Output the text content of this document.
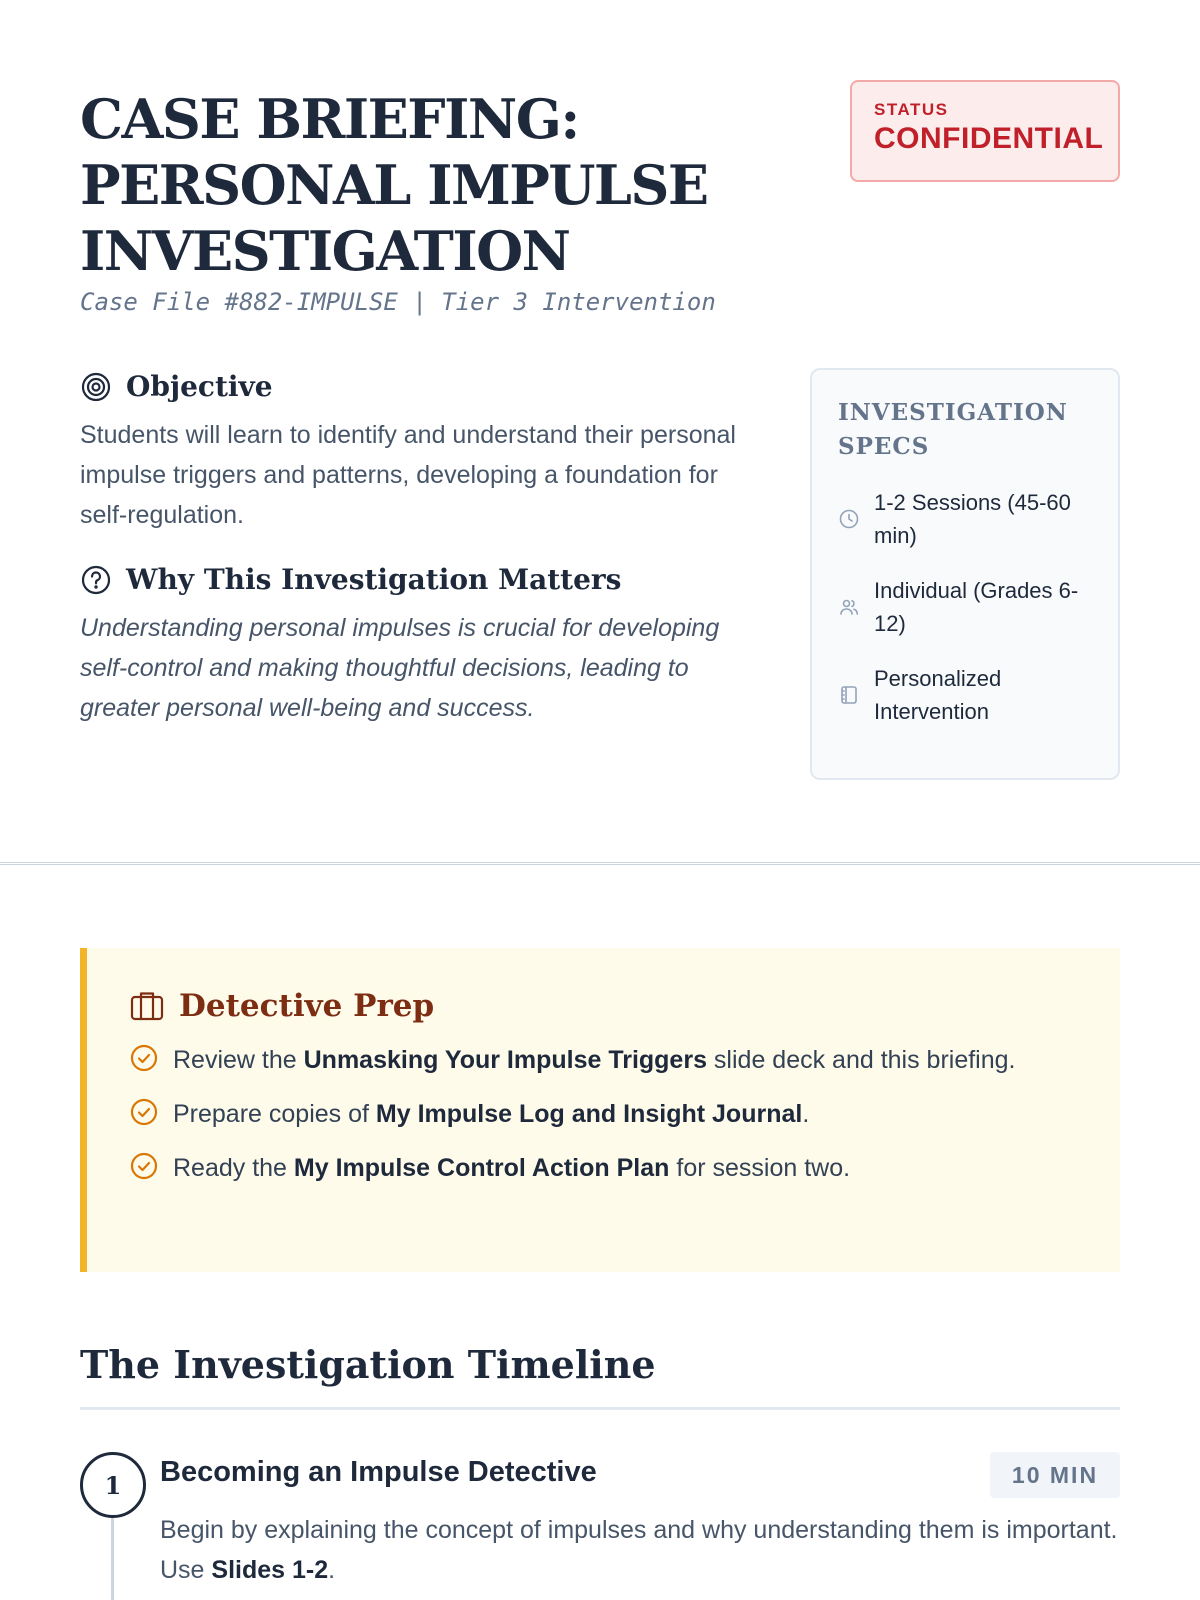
CASE BRIEFING: PERSONAL IMPULSE INVESTIGATION
Case File #882-IMPULSE | Tier 3 Intervention
STATUS
CONFIDENTIAL
Objective

Students will learn to identify and understand their personal impulse triggers and patterns, developing a foundation for self-regulation.

Why This Investigation Matters

Understanding personal impulses is crucial for developing self-control and making thoughtful decisions, leading to greater personal well-being and success.

INVESTIGATION SPECS
1-2 Sessions (45-60 min)
Individual (Grades 6-12)
Personalized Intervention
Detective Prep
Review the Unmasking Your Impulse Triggers slide deck and this briefing.
Prepare copies of My Impulse Log and Insight Journal.
Ready the My Impulse Control Action Plan for session two.
The Investigation Timeline
1	Becoming an Impulse Detective	10 MIN

Begin by explaining the concept of impulses and why understanding them is important. Use Slides 1-2.
